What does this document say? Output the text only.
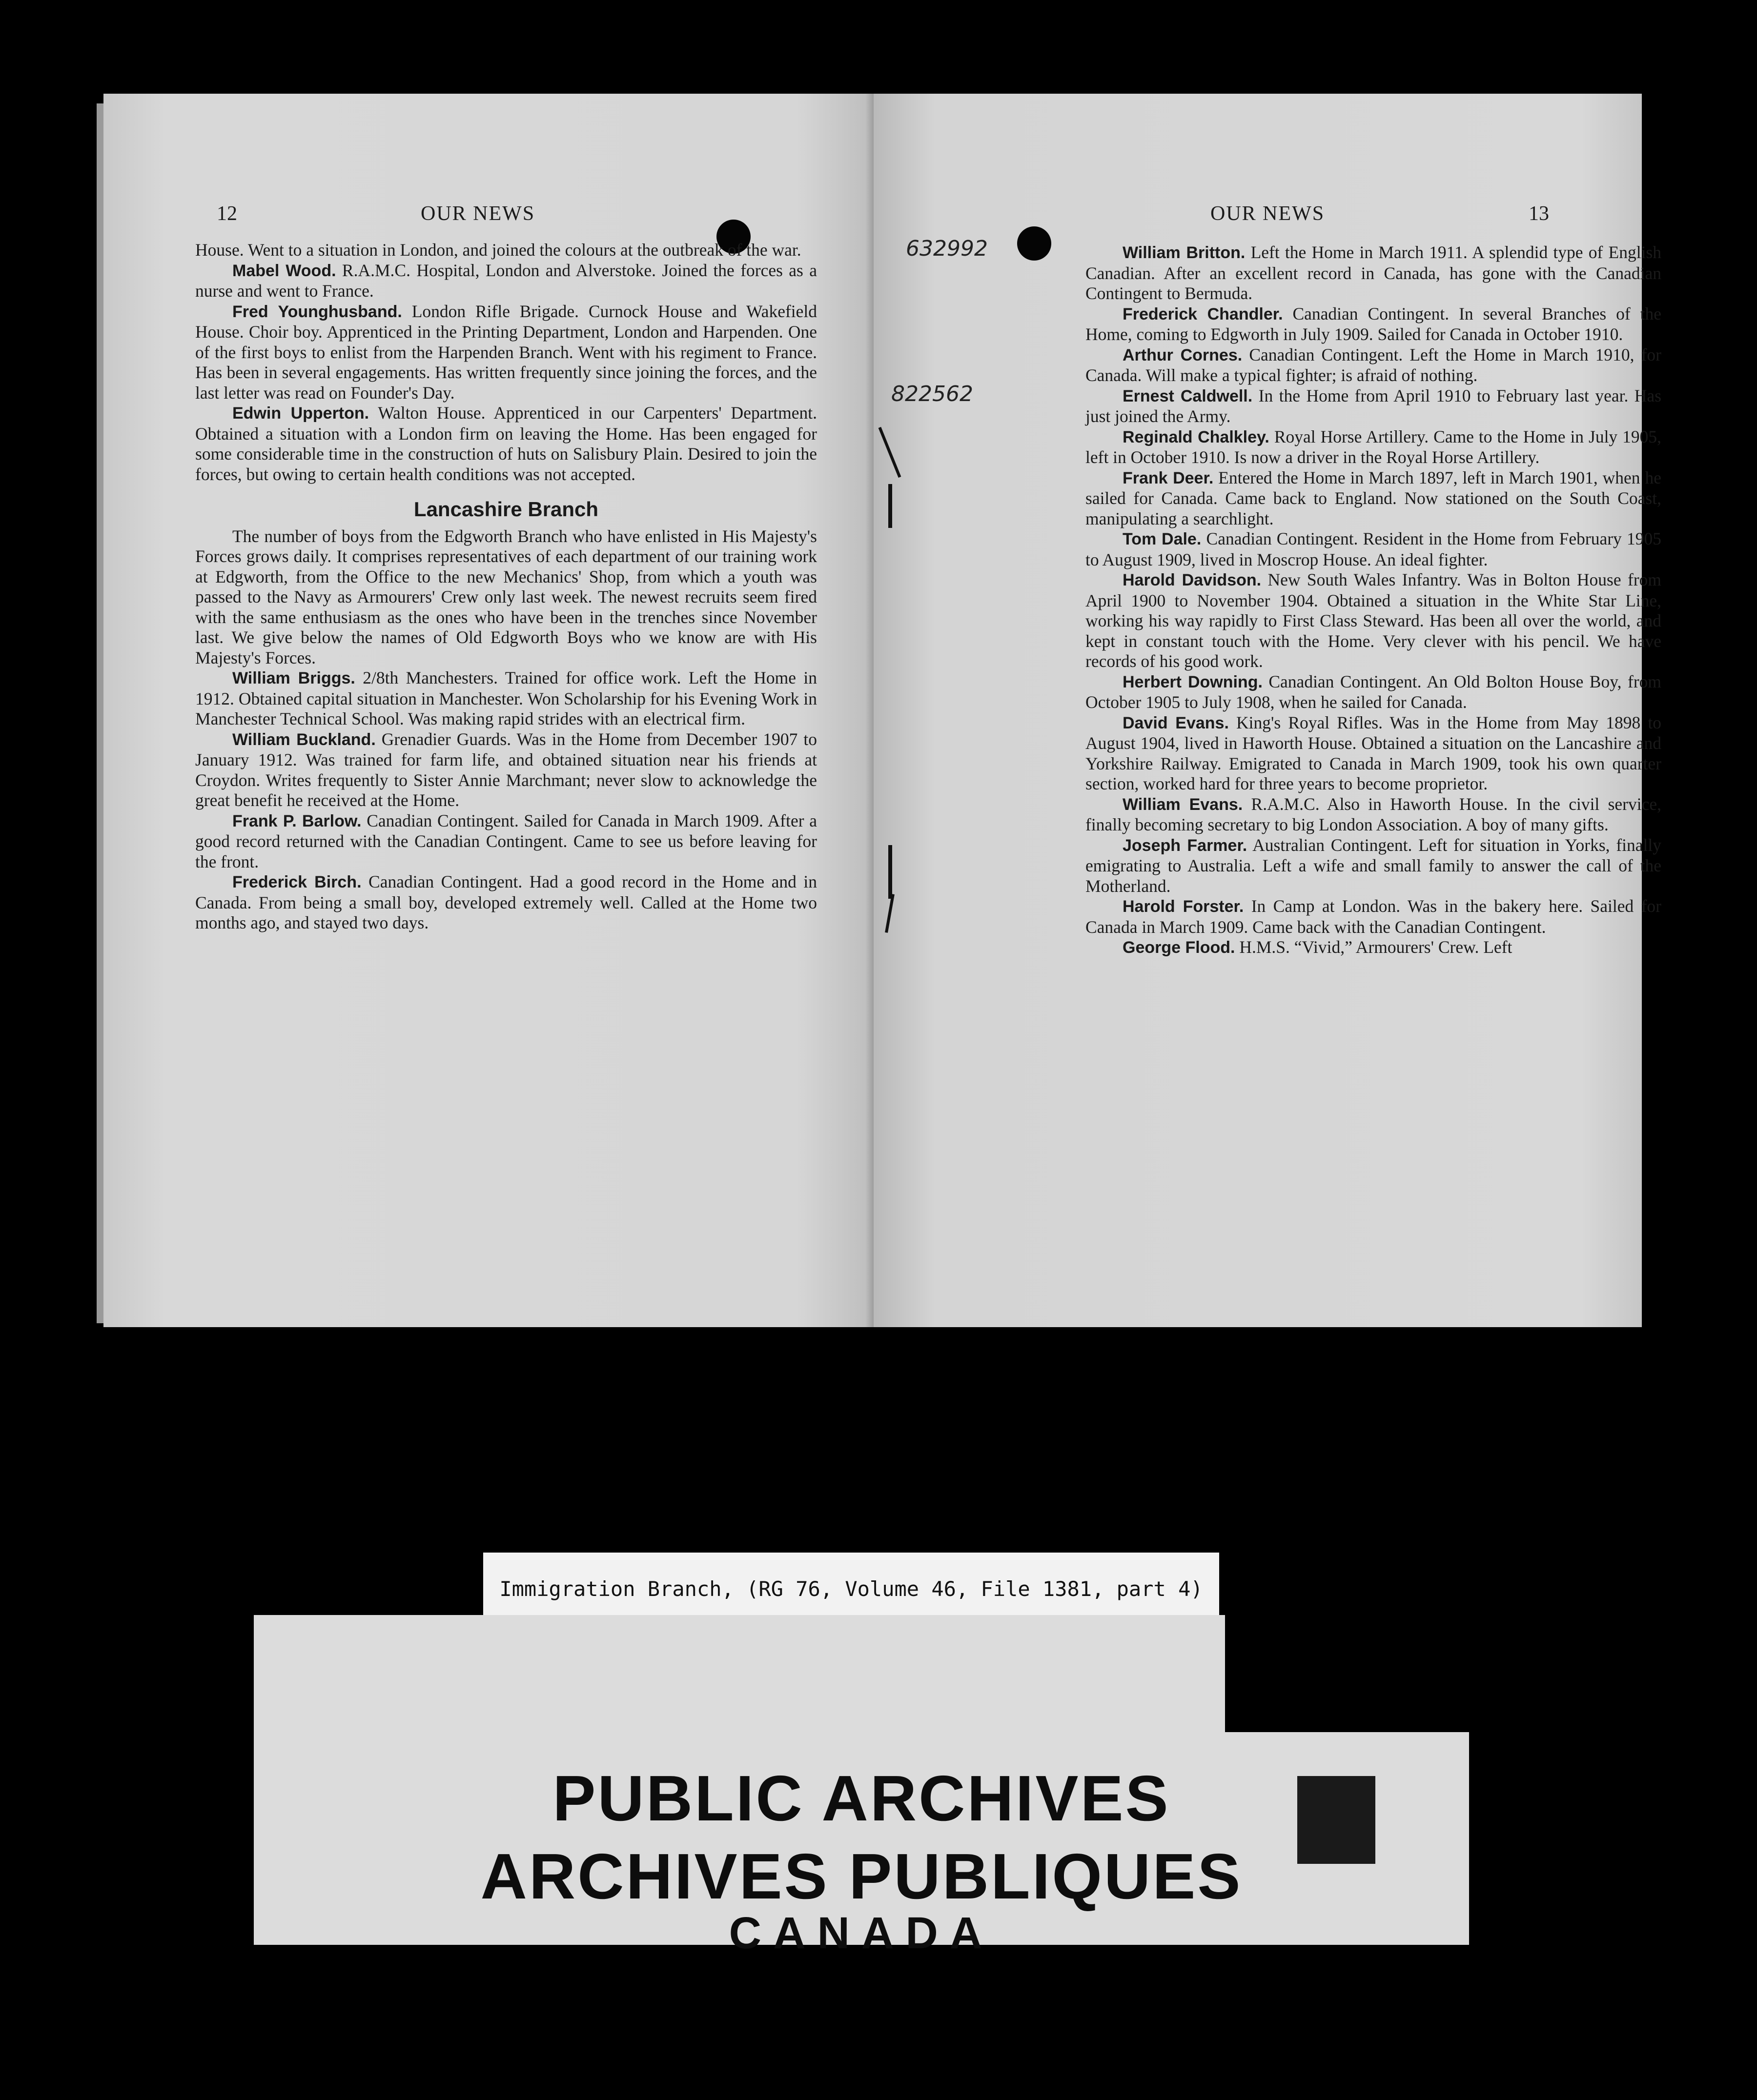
12	OUR NEWS

House. Went to a situation in London, and joined the colours at the outbreak of the war.

Mabel Wood. R.A.M.C. Hospital, London and Alverstoke. Joined the forces as a nurse and went to France.

Fred Younghusband. London Rifle Brigade. Curnock House and Wakefield House. Choir boy. Apprenticed in the Printing Department, London and Harpenden. One of the first boys to enlist from the Harpenden Branch. Went with his regiment to France. Has been in several engagements. Has written frequently since joining the forces, and the last letter was read on Founder's Day.

Edwin Upperton. Walton House. Apprenticed in our Carpenters' Department. Obtained a situation with a London firm on leaving the Home. Has been engaged for some considerable time in the construction of huts on Salisbury Plain. Desired to join the forces, but owing to certain health conditions was not accepted.

Lancashire Branch

The number of boys from the Edgworth Branch who have enlisted in His Majesty's Forces grows daily. It comprises representatives of each department of our training work at Edgworth, from the Office to the new Mechanics' Shop, from which a youth was passed to the Navy as Armourers' Crew only last week. The newest recruits seem fired with the same enthusiasm as the ones who have been in the trenches since November last. We give below the names of Old Edgworth Boys who we know are with His Majesty's Forces.

William Briggs. 2/8th Manchesters. Trained for office work. Left the Home in 1912. Obtained capital situation in Manchester. Won Scholarship for his Evening Work in Manchester Technical School. Was making rapid strides with an electrical firm.

William Buckland. Grenadier Guards. Was in the Home from December 1907 to January 1912. Was trained for farm life, and obtained situation near his friends at Croydon. Writes frequently to Sister Annie Marchmant; never slow to acknowledge the great benefit he received at the Home.

Frank P. Barlow. Canadian Contingent. Sailed for Canada in March 1909. After a good record returned with the Canadian Contingent. Came to see us before leaving for the front.

Frederick Birch. Canadian Contingent. Had a good record in the Home and in Canada. From being a small boy, developed extremely well. Called at the Home two months ago, and stayed two days.

OUR NEWS	13
632992
822562

William Britton. Left the Home in March 1911. A splendid type of English Canadian. After an excellent record in Canada, has gone with the Canadian Contingent to Bermuda.

Frederick Chandler. Canadian Contingent. In several Branches of the Home, coming to Edgworth in July 1909. Sailed for Canada in October 1910.

Arthur Cornes. Canadian Contingent. Left the Home in March 1910, for Canada. Will make a typical fighter; is afraid of nothing.

Ernest Caldwell. In the Home from April 1910 to February last year. Has just joined the Army.

Reginald Chalkley. Royal Horse Artillery. Came to the Home in July 1905, left in October 1910. Is now a driver in the Royal Horse Artillery.

Frank Deer. Entered the Home in March 1897, left in March 1901, when he sailed for Canada. Came back to England. Now stationed on the South Coast, manipulating a searchlight.

Tom Dale. Canadian Contingent. Resident in the Home from February 1905 to August 1909, lived in Moscrop House. An ideal fighter.

Harold Davidson. New South Wales Infantry. Was in Bolton House from April 1900 to November 1904. Obtained a situation in the White Star Line, working his way rapidly to First Class Steward. Has been all over the world, and kept in constant touch with the Home. Very clever with his pencil. We have records of his good work.

Herbert Downing. Canadian Contingent. An Old Bolton House Boy, from October 1905 to July 1908, when he sailed for Canada.

David Evans. King's Royal Rifles. Was in the Home from May 1898 to August 1904, lived in Haworth House. Obtained a situation on the Lancashire and Yorkshire Railway. Emigrated to Canada in March 1909, took his own quarter section, worked hard for three years to become proprietor.

William Evans. R.A.M.C. Also in Haworth House. In the civil service, finally becoming secretary to big London Association. A boy of many gifts.

Joseph Farmer. Australian Contingent. Left for situation in Yorks, finally emigrating to Australia. Left a wife and small family to answer the call of the Motherland.

Harold Forster. In Camp at London. Was in the bakery here. Sailed for Canada in March 1909. Came back with the Canadian Contingent.

George Flood. H.M.S. “Vivid,” Armourers' Crew. Left

Immigration Branch, (RG 76, Volume 46, File 1381, part 4)
PUBLIC ARCHIVES
ARCHIVES PUBLIQUES
CANADA
